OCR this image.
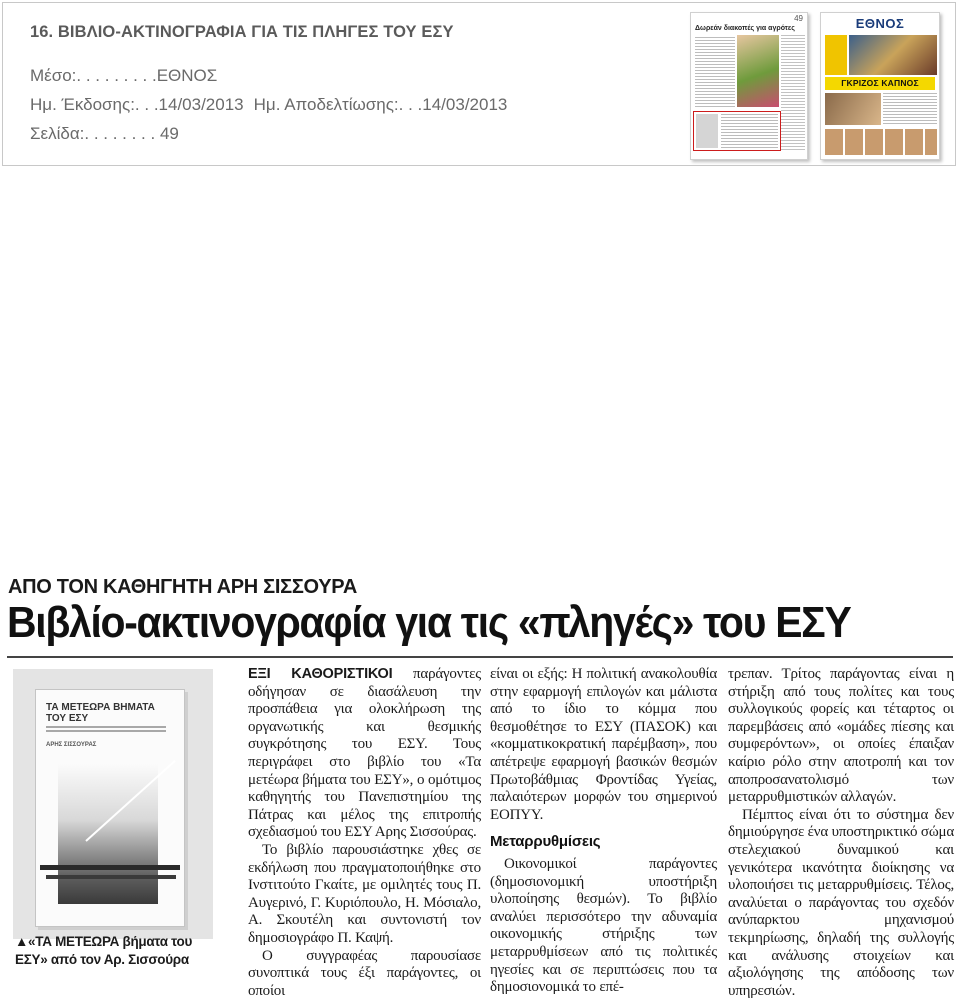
16. ΒΙΒΛΙΟ-ΑΚΤΙΝΟΓΡΑΦΙΑ ΓΙΑ ΤΙΣ ΠΛΗΓΕΣ ΤΟΥ ΕΣΥ
Μέσο:. . . . . . . . .ΕΘΝΟΣ
Ημ. Έκδοσης:. . .14/03/2013 Ημ. Αποδελτίωσης:. . .14/03/2013
Σελίδα:. . . . . . . . 49
49
Δωρεάν διακοπές για αγρότες	ΕΘΝΟΣ
ΓΚΡΙΖΟΣ ΚΑΠΝΟΣ
ΑΠΟ ΤΟΝ ΚΑΘΗΓΗΤΗ ΑΡΗ ΣΙΣΣΟΥΡΑ
Βιβλίο-ακτινογραφία για τις «πληγές» του ΕΣΥ
ΤΑ ΜΕΤΕΩΡΑ ΒΗΜΑΤΑ ΤΟΥ ΕΣΥ
ΑΡΗΣ ΣΙΣΣΟΥΡΑΣ
▲«ΤΑ ΜΕΤΕΩΡΑ βήματα του ΕΣΥ» από τον Αρ. Σισσούρα

ΕΞΙ ΚΑΘΟΡΙΣΤΙΚΟΙ παράγοντες οδήγησαν σε διασάλευση την προσπάθεια για ολοκλήρωση της οργανωτικής και θεσμικής συγκρότησης του ΕΣΥ. Τους περιγράφει στο βιβλίο του «Τα μετέωρα βήματα του ΕΣΥ», ο ομότιμος καθηγητής του Πανεπιστημίου της Πάτρας και μέλος της επιτροπής σχεδιασμού του ΕΣΥ Αρης Σισσούρας.

Το βιβλίο παρουσιάστηκε χθες σε εκδήλωση που πραγματοποιήθηκε στο Ινστιτούτο Γκαίτε, με ομιλητές τους Π. Αυγερινό, Γ. Κυριόπουλο, Η. Μόσιαλο, Α. Σκουτέλη και συντονιστή τον δημοσιογράφο Π. Καψή.

Ο συγγραφέας παρουσίασε συνοπτικά τους έξι παράγοντες, οι οποίοι

είναι οι εξής: Η πολιτική ανακολουθία στην εφαρμογή επιλογών και μάλιστα από το ίδιο το κόμμα που θεσμοθέτησε το ΕΣΥ (ΠΑΣΟΚ) και «κομματικοκρατική παρέμβαση», που απέτρεψε εφαρμογή βασικών θεσμών Πρωτοβάθμιας Φροντίδας Υγείας, παλαιότερων μορφών του σημερινού ΕΟΠΥΥ.

Μεταρρυθμίσεις

Οικονομικοί παράγοντες (δημοσιονομική υποστήριξη υλοποίησης θεσμών). Το βιβλίο αναλύει περισσότερο την αδυναμία οικονομικής στήριξης των μεταρρυθμίσεων από τις πολιτικές ηγεσίες και σε περιπτώσεις που τα δημοσιονομικά το επέ-

τρεπαν. Τρίτος παράγοντας είναι η στήριξη από τους πολίτες και τους συλλογικούς φορείς και τέταρτος οι παρεμβάσεις από «ομάδες πίεσης και συμφερόντων», οι οποίες έπαιξαν καίριο ρόλο στην αποτροπή και τον αποπροσανατολισμό των μεταρρυθμιστικών αλλαγών.

Πέμπτος είναι ότι το σύστημα δεν δημιούργησε ένα υποστηρικτικό σώμα στελεχιακού δυναμικού και γενικότερα ικανότητα διοίκησης να υλοποιήσει τις μεταρρυθμίσεις. Τέλος, αναλύεται ο παράγοντας του σχεδόν ανύπαρκτου μηχανισμού τεκμηρίωσης, δηλαδή της συλλογής και ανάλυσης στοιχείων και αξιολόγησης της απόδοσης των υπηρεσιών.
